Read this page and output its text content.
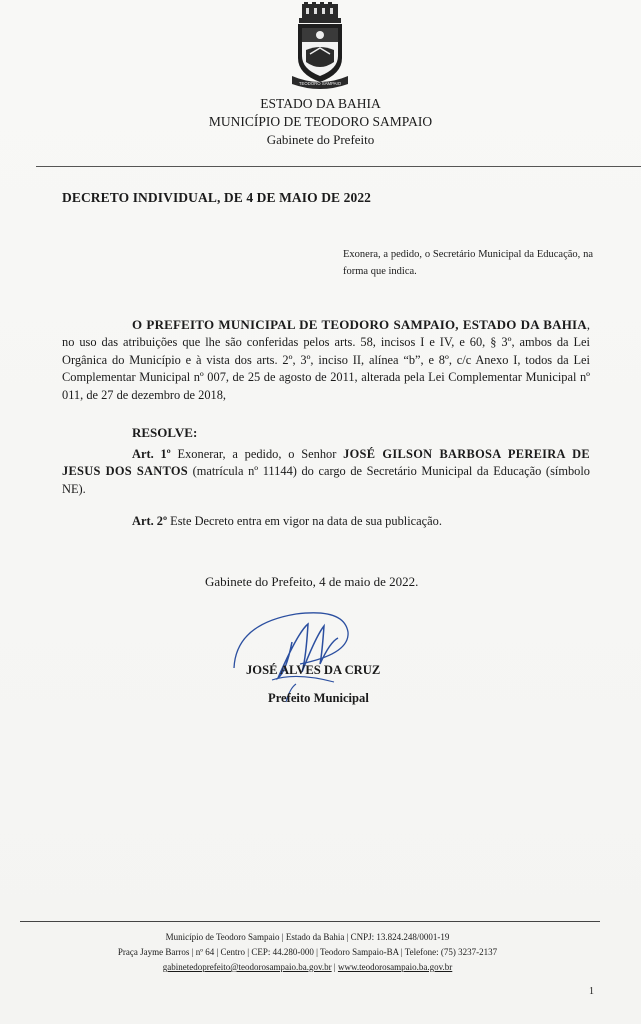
TEODORO SAMPAIO
ESTADO DA BAHIA
MUNICÍPIO DE TEODORO SAMPAIO
Gabinete do Prefeito
DECRETO INDIVIDUAL, DE 4 DE MAIO DE 2022
Exonera, a pedido, o Secretário Municipal da Educação, na forma que indica.
O PREFEITO MUNICIPAL DE TEODORO SAMPAIO, ESTADO DA BAHIA, no uso das atribuições que lhe são conferidas pelos arts. 58, incisos I e IV, e 60, § 3º, ambos da Lei Orgânica do Município e à vista dos arts. 2º, 3º, inciso II, alínea “b”, e 8º, c/c Anexo I, todos da Lei Complementar Municipal nº 007, de 25 de agosto de 2011, alterada pela Lei Complementar Municipal nº 011, de 27 de dezembro de 2018,
RESOLVE:
Art. 1º Exonerar, a pedido, o Senhor JOSÉ GILSON BARBOSA PEREIRA DE JESUS DOS SANTOS (matrícula nº 11144) do cargo de Secretário Municipal da Educação (símbolo NE).
Art. 2º Este Decreto entra em vigor na data de sua publicação.
Gabinete do Prefeito, 4 de maio de 2022.
JOSÉ ALVES DA CRUZ
Prefeito Municipal
Município de Teodoro Sampaio | Estado da Bahia | CNPJ: 13.824.248/0001-19
Praça Jayme Barros | nº 64 | Centro | CEP: 44.280-000 | Teodoro Sampaio-BA | Telefone: (75) 3237-2137
gabinetedoprefeito@teodorosampaio.ba.gov.br | www.teodorosampaio.ba.gov.br
1
